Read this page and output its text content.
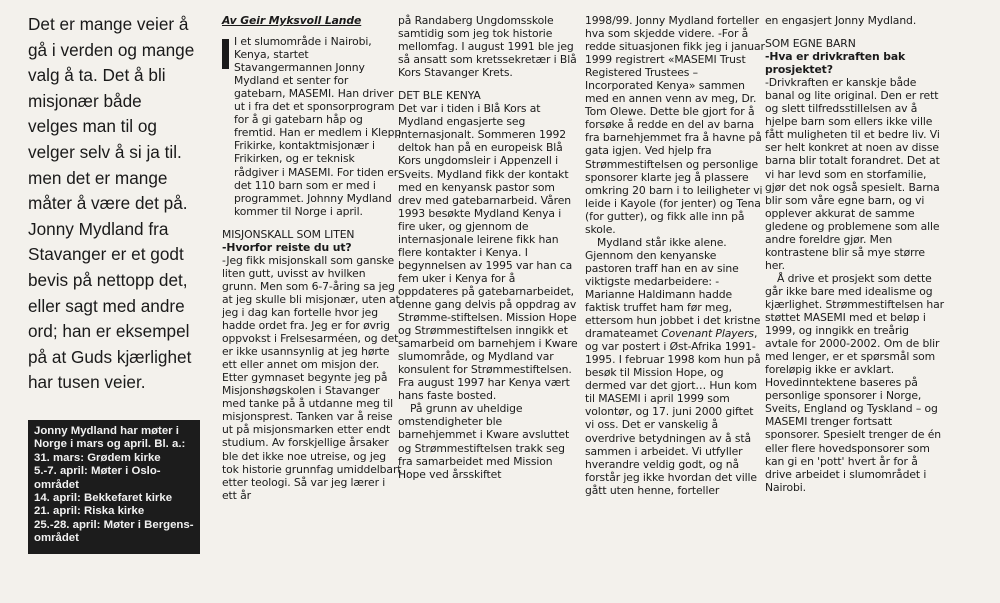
Det er mange veier å gå i verden og mange valg å ta. Det å bli misjonær både velges man til og velger selv å si ja til. men det er mange måter å være det på. Jonny Mydland fra Stavanger er et godt bevis på nettopp det, eller sagt med andre ord; han er eksempel på at Guds kjærlighet har tusen veier.

Jonny Mydland har møter i Norge i mars og april. Bl. a.:

31. mars: Grødem kirke

5.-7. april: Møter i Oslo-området

14. april: Bekkefaret kirke

21. april: Riska kirke

25.-28. april: Møter i Bergens-området

Av Geir Myksvoll Lande

I et slumområde i Nairobi, Kenya, startet Stavangermannen Jonny Mydland et senter for gatebarn, MASEMI. Han driver ut i fra det et sponsorprogram for å gi gatebarn håp og fremtid. Han er medlem i Klepp Frikirke, kontaktmisjonær i Frikirken, og er teknisk rådgiver i MASEMI. For tiden er det 110 barn som er med i programmet. Johnny Mydland kommer til Norge i april.

MISJONSKALL SOM LITEN

-Hvorfor reiste du ut?

-Jeg fikk misjonskall som ganske liten gutt, uvisst av hvilken grunn. Men som 6-7-åring sa jeg at jeg skulle bli misjonær, uten at jeg i dag kan fortelle hvor jeg hadde ordet fra. Jeg er for øvrig oppvokst i Frelsesarméen, og det er ikke usannsynlig at jeg hørte ett eller annet om misjon der. Etter gymnaset begynte jeg på Misjonshøgskolen i Stavanger med tanke på å utdanne meg til misjonsprest. Tanken var å reise ut på misjonsmarken etter endt studium. Av forskjellige årsaker ble det ikke noe utreise, og jeg tok historie grunnfag umiddelbart etter teologi. Så var jeg lærer i ett år

på Randaberg Ungdomsskole samtidig som jeg tok historie mellomfag. I august 1991 ble jeg så ansatt som kretssekretær i Blå Kors Stavanger Krets.

DET BLE KENYA

Det var i tiden i Blå Kors at Mydland engasjerte seg internasjonalt. Sommeren 1992 deltok han på en europeisk Blå Kors ungdomsleir i Appenzell i Sveits. Mydland fikk der kontakt med en kenyansk pastor som drev med gatebarnarbeid. Våren 1993 besøkte Mydland Kenya i fire uker, og gjennom de internasjonale leirene fikk han flere kontakter i Kenya. I begynnelsen av 1995 var han ca fem uker i Kenya for å oppdateres på gatebarnarbeidet, denne gang delvis på oppdrag av Strømme-stiftelsen. Mission Hope og Strømmestiftelsen inngikk et samarbeid om barnehjem i Kware slumområde, og Mydland var konsulent for Strømmestiftelsen. Fra august 1997 har Kenya vært hans faste bosted.

På grunn av uheldige omstendigheter ble barnehjemmet i Kware avsluttet og Strømmestiftelsen trakk seg fra samarbeidet med Mission Hope ved årsskiftet

1998/99. Jonny Mydland forteller hva som skjedde videre. -For å redde situasjonen fikk jeg i januar 1999 registrert «MASEMI Trust Registered Trustees – Incorporated Kenya» sammen med en annen venn av meg, Dr. Tom Olewe. Dette ble gjort for å forsøke å redde en del av barna fra barnehjemmet fra å havne på gata igjen. Ved hjelp fra Strømmestiftelsen og personlige sponsorer klarte jeg å plassere omkring 20 barn i to leiligheter vi leide i Kayole (for jenter) og Tena (for gutter), og fikk alle inn på skole.

Mydland står ikke alene. Gjennom den kenyanske pastoren traff han en av sine viktigste medarbeidere: -Marianne Haldimann hadde faktisk truffet ham før meg, ettersom hun jobbet i det kristne dramateamet Covenant Players, og var postert i Øst-Afrika 1991-1995. I februar 1998 kom hun på besøk til Mission Hope, og dermed var det gjort… Hun kom til MASEMI i april 1999 som volontør, og 17. juni 2000 giftet vi oss. Det er vanskelig å overdrive betydningen av å stå sammen i arbeidet. Vi utfyller hverandre veldig godt, og nå forstår jeg ikke hvordan det ville gått uten henne, forteller

en engasjert Jonny Mydland.

SOM EGNE BARN

-Hva er drivkraften bak prosjektet?

-Drivkraften er kanskje både banal og lite original. Den er rett og slett tilfredsstillelsen av å hjelpe barn som ellers ikke ville fått muligheten til et bedre liv. Vi ser helt konkret at noen av disse barna blir totalt forandret. Det at vi har levd som en storfamilie, gjør det nok også spesielt. Barna blir som våre egne barn, og vi opplever akkurat de samme gledene og problemene som alle andre foreldre gjør. Men kontrastene blir så mye større her.

Å drive et prosjekt som dette går ikke bare med idealisme og kjærlighet. Strømmestiftelsen har støttet MASEMI med et beløp i 1999, og inngikk en treårig avtale for 2000-2002. Om de blir med lenger, er et spørsmål som foreløpig ikke er avklart. Hovedinntektene baseres på personlige sponsorer i Norge, Sveits, England og Tyskland – og MASEMI trenger fortsatt sponsorer. Spesielt trenger de én eller flere hovedsponsorer som kan gi en 'pott' hvert år for å drive arbeidet i slumområdet i Nairobi.
